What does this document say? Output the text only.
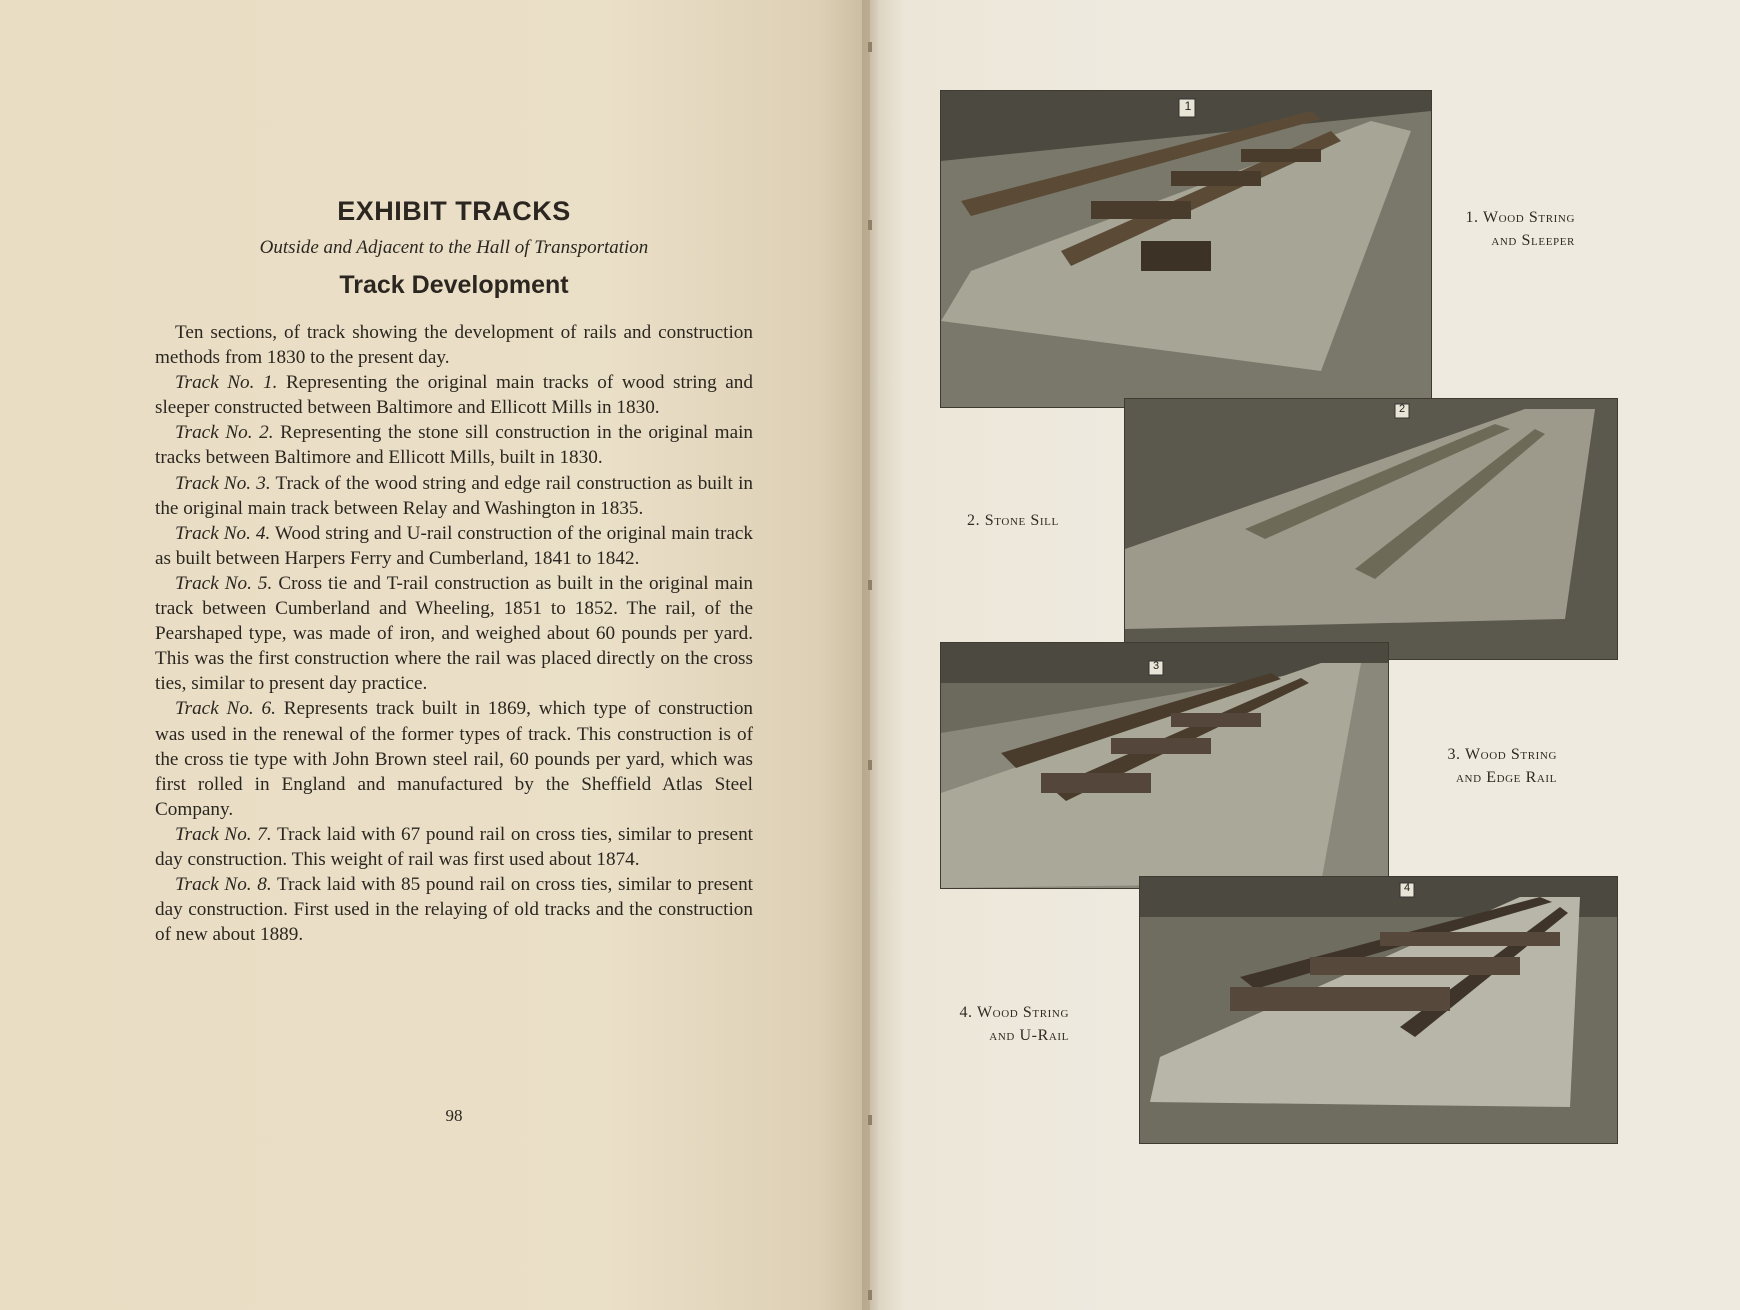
EXHIBIT TRACKS
Outside and Adjacent to the Hall of Transportation
Track Development

Ten sections, of track showing the development of rails and construction methods from 1830 to the present day.

Track No. 1. Representing the original main tracks of wood string and sleeper constructed between Baltimore and Ellicott Mills in 1830.

Track No. 2. Representing the stone sill construction in the original main tracks between Baltimore and Ellicott Mills, built in 1830.

Track No. 3. Track of the wood string and edge rail construction as built in the original main track between Relay and Washington in 1835.

Track No. 4. Wood string and U-rail construction of the original main track as built between Harpers Ferry and Cumberland, 1841 to 1842.

Track No. 5. Cross tie and T-rail construction as built in the original main track between Cumberland and Wheeling, 1851 to 1852. The rail, of the Pearshaped type, was made of iron, and weighed about 60 pounds per yard. This was the first construction where the rail was placed directly on the cross ties, similar to present day practice.

Track No. 6. Represents track built in 1869, which type of construction was used in the renewal of the former types of track. This construction is of the cross tie type with John Brown steel rail, 60 pounds per yard, which was first rolled in England and manufactured by the Sheffield Atlas Steel Company.

Track No. 7. Track laid with 67 pound rail on cross ties, similar to present day construction. This weight of rail was first used about 1874.

Track No. 8. Track laid with 85 pound rail on cross ties, similar to present day construction. First used in the relaying of old tracks and the construction of new about 1889.

98
1
2
3
4
1. Wood String
and Sleeper
2. Stone Sill
3. Wood String
and Edge Rail
4. Wood String
and U-Rail
